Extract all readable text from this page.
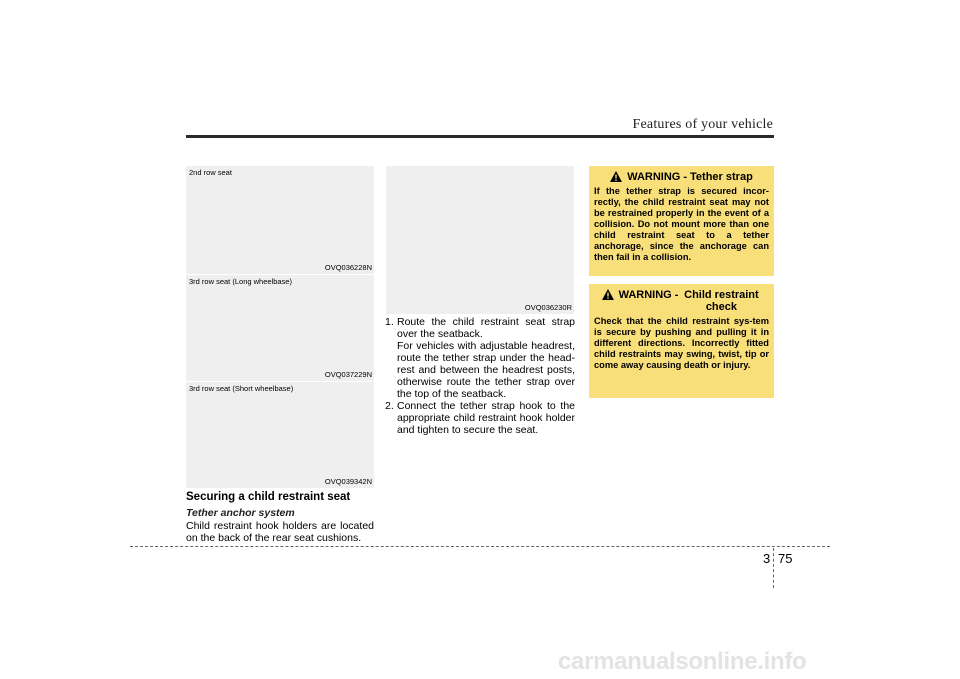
Features of your vehicle
2nd row seat
OVQ036228N
3rd row seat (Long wheelbase)
OVQ037229N
3rd row seat (Short wheelbase)
OVQ039342N
Securing a child restraint seat
Tether anchor system
Child restraint hook holders are located on the back of the rear seat cushions.
OVQ036230R
1. Route the child restraint seat strap over the seatback.
For vehicles with adjustable headrest, route the tether strap under the head-rest and between the headrest posts, otherwise route the tether strap over the top of the seatback.
2. Connect the tether strap hook to the appropriate child restraint hook holder and tighten to secure the seat.
WARNING - Tether strap
If the tether strap is secured incor-rectly, the child restraint seat may not be restrained properly in the event of a collision. Do not mount more than one child restraint seat to a tether anchorage, since the anchorage can then fail in a collision.
WARNING - Child restraint check
Check that the child restraint sys-tem is secure by pushing and pulling it in different directions. Incorrectly fitted child restraints may swing, twist, tip or come away causing death or injury.
3 75
carmanualsonline.info
